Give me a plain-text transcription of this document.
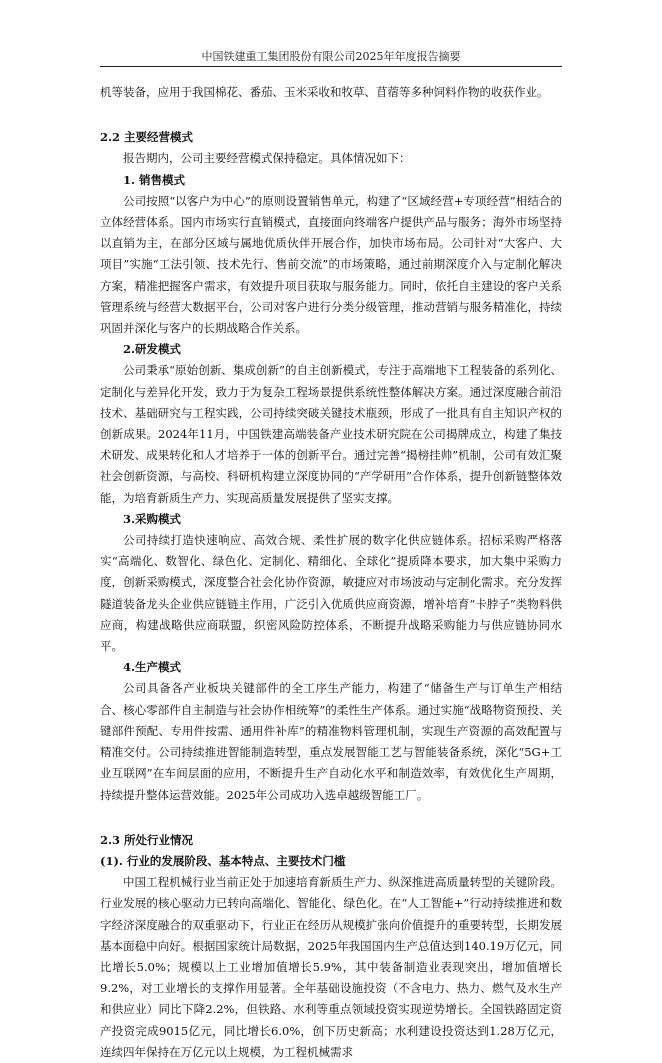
中国铁建重工集团股份有限公司2025年年度报告摘要

机等装备，应用于我国棉花、番茄、玉米采收和牧草、苜蓿等多种饲料作物的收获作业。

2.2 主要经营模式

报告期内，公司主要经营模式保持稳定。具体情况如下：

1. 销售模式

公司按照“以客户为中心”的原则设置销售单元，构建了“区域经营+专项经营”相结合的立体经营体系。国内市场实行直销模式，直接面向终端客户提供产品与服务；海外市场坚持以直销为主，在部分区域与属地优质伙伴开展合作，加快市场布局。公司针对“大客户、大项目”实施“工法引领、技术先行、售前交流”的市场策略，通过前期深度介入与定制化解决方案，精准把握客户需求，有效提升项目获取与服务能力。同时，依托自主建设的客户关系管理系统与经营大数据平台，公司对客户进行分类分级管理，推动营销与服务精准化，持续巩固并深化与客户的长期战略合作关系。

2.研发模式

公司秉承“原始创新、集成创新”的自主创新模式，专注于高端地下工程装备的系列化、定制化与差异化开发，致力于为复杂工程场景提供系统性整体解决方案。通过深度融合前沿技术、基础研究与工程实践，公司持续突破关键技术瓶颈，形成了一批具有自主知识产权的创新成果。2024年11月，中国铁建高端装备产业技术研究院在公司揭牌成立，构建了集技术研发、成果转化和人才培养于一体的创新平台。通过完善“揭榜挂帅”机制，公司有效汇聚社会创新资源，与高校、科研机构建立深度协同的“产学研用”合作体系，提升创新链整体效能，为培育新质生产力、实现高质量发展提供了坚实支撑。

3.采购模式

公司持续打造快速响应、高效合规、柔性扩展的数字化供应链体系。招标采购严格落实“高端化、数智化、绿色化、定制化、精细化、全球化”提质降本要求，加大集中采购力度，创新采购模式，深度整合社会化协作资源，敏捷应对市场波动与定制化需求。充分发挥隧道装备龙头企业供应链链主作用，广泛引入优质供应商资源，增补培育“卡脖子”类物料供应商，构建战略供应商联盟，织密风险防控体系，不断提升战略采购能力与供应链协同水平。

4.生产模式

公司具备各产业板块关键部件的全工序生产能力，构建了“储备生产与订单生产相结合、核心零部件自主制造与社会协作相统筹”的柔性生产体系。通过实施“战略物资预投、关键部件预配、专用件按需、通用件补库”的精准物料管理机制，实现生产资源的高效配置与精准交付。公司持续推进智能制造转型，重点发展智能工艺与智能装备系统，深化“5G+工业互联网”在车间层面的应用，不断提升生产自动化水平和制造效率，有效优化生产周期，持续提升整体运营效能。2025年公司成功入选卓越级智能工厂。

2.3 所处行业情况

(1). 行业的发展阶段、基本特点、主要技术门槛

中国工程机械行业当前正处于加速培育新质生产力、纵深推进高质量转型的关键阶段。行业发展的核心驱动力已转向高端化、智能化、绿色化。在“人工智能+”行动持续推进和数字经济深度融合的双重驱动下，行业正在经历从规模扩张向价值提升的重要转型，长期发展基本面稳中向好。根据国家统计局数据，2025年我国国内生产总值达到140.19万亿元，同比增长5.0%；规模以上工业增加值增长5.9%，其中装备制造业表现突出，增加值增长9.2%，对工业增长的支撑作用显著。全年基础设施投资（不含电力、热力、燃气及水生产和供应业）同比下降2.2%，但铁路、水利等重点领域投资实现逆势增长。全国铁路固定资产投资完成9015亿元，同比增长6.0%，创下历史新高；水利建设投资达到1.28万亿元，连续四年保持在万亿元以上规模，为工程机械需求
